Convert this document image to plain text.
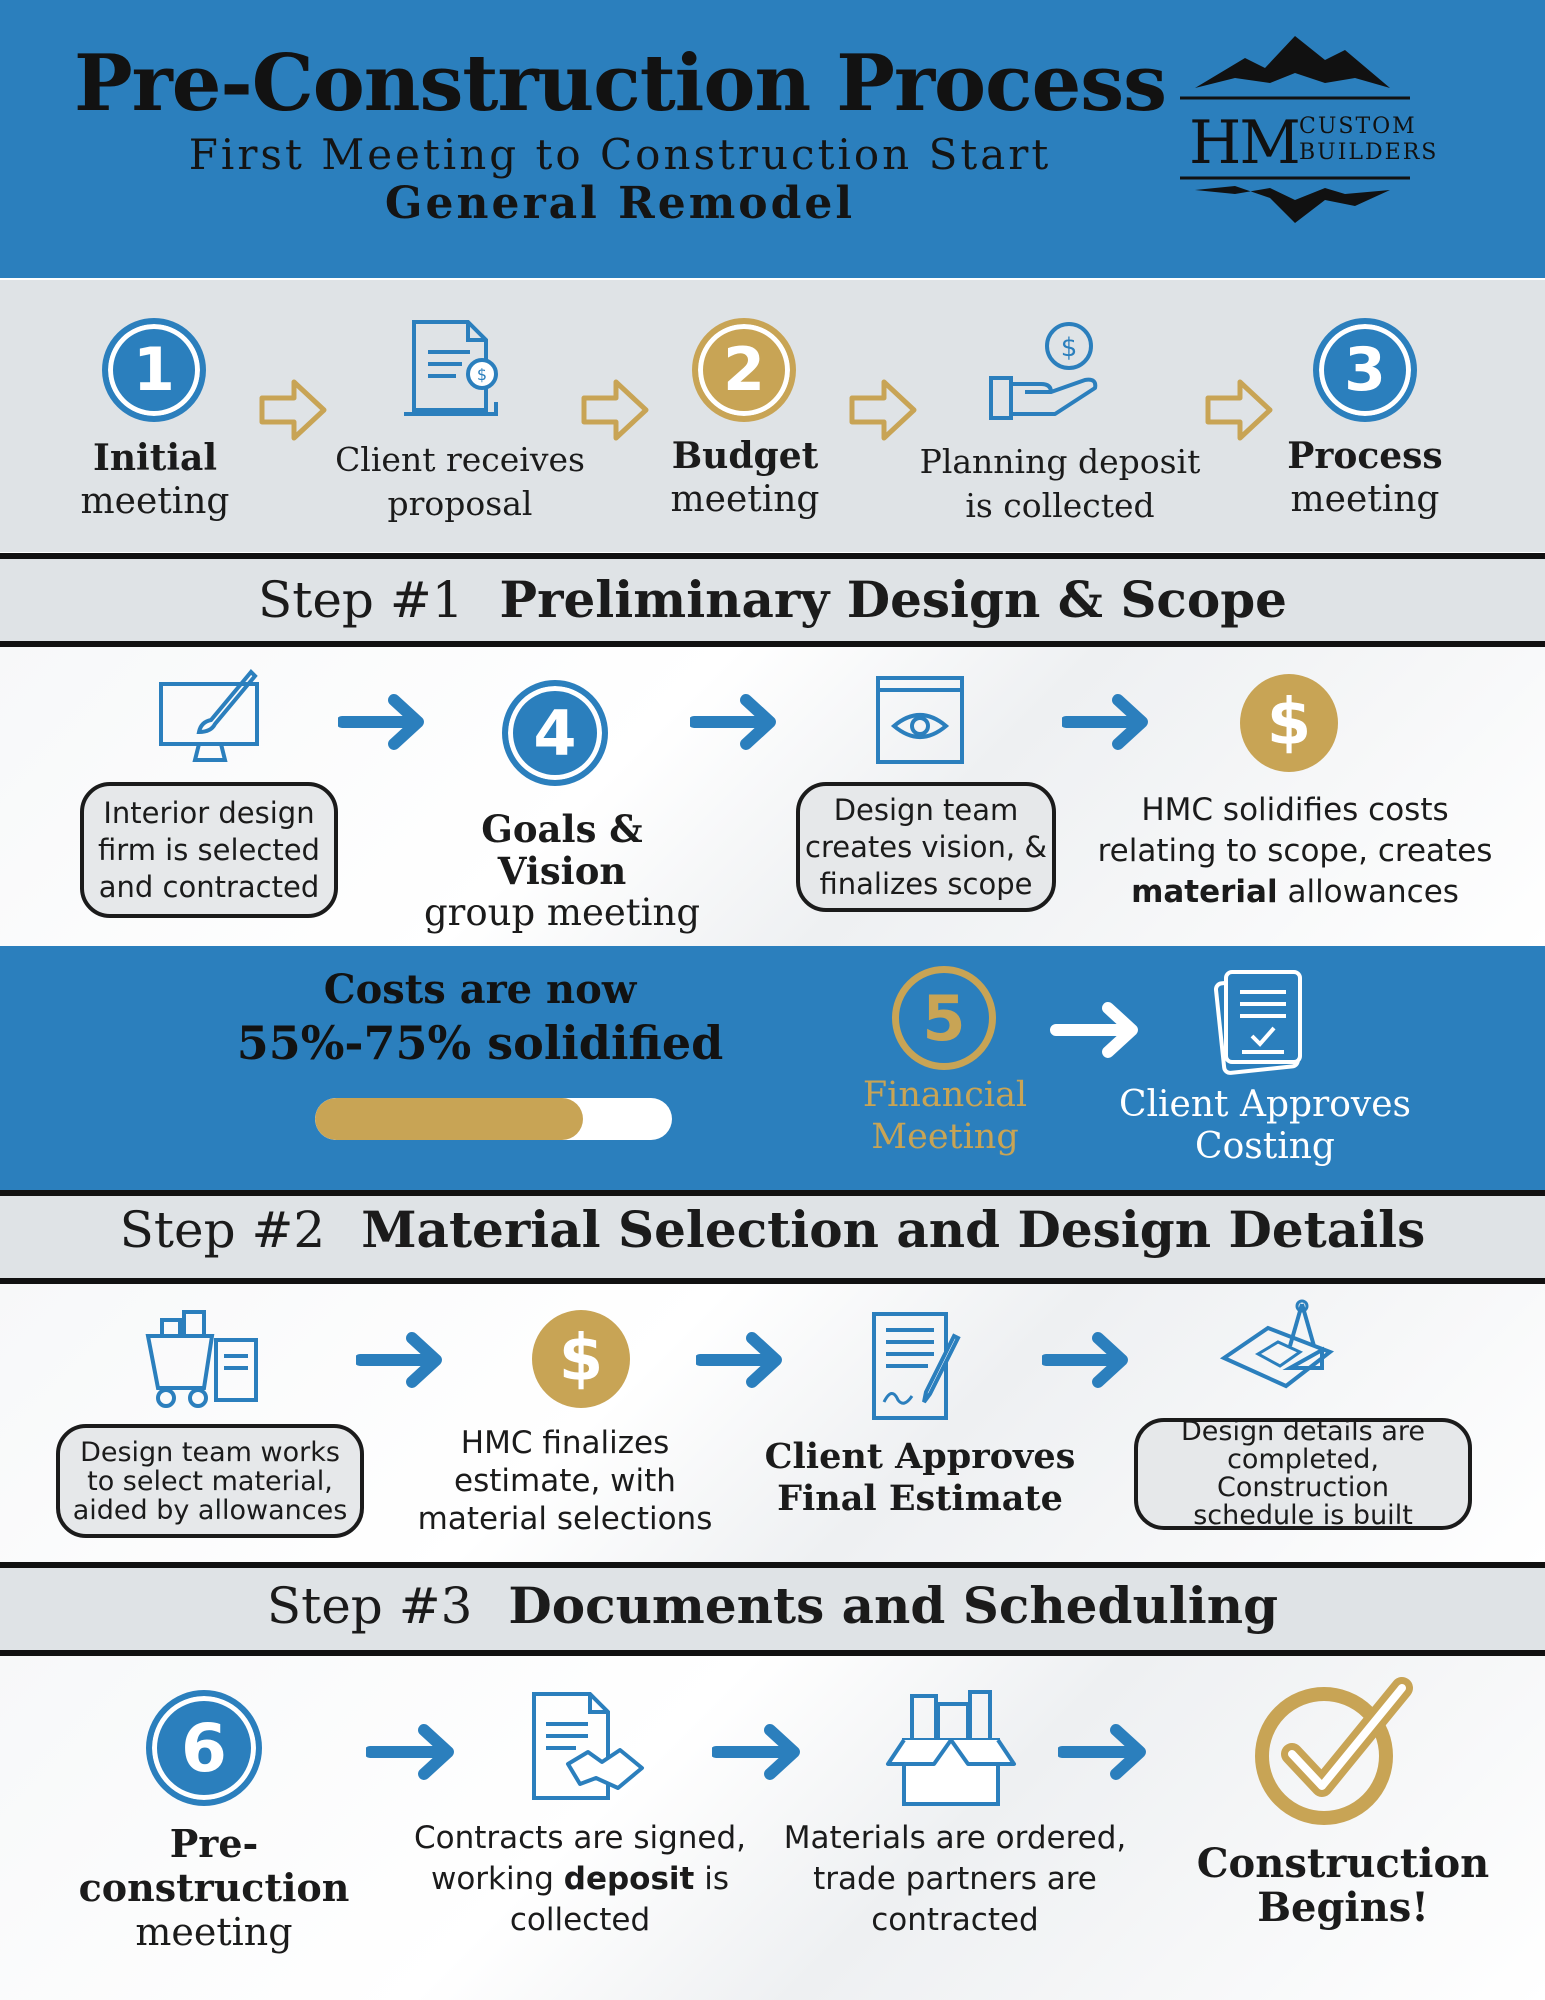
Pre-Construction Process
First Meeting to Construction Start
General Remodel
HM CUSTOM
BUILDERS
1
Initial
meeting
$
Client receives
proposal
2
Budget
meeting
$
Planning deposit
is collected
3
Process
meeting
Step #1 Preliminary Design & Scope
Interior design
firm is selected
and contracted
4
Goals & Vision
group meeting
Design team
creates vision, &
finalizes scope
$
HMC solidifies costs
relating to scope, creates
material allowances
Costs are now
55%-75% solidified	5
Financial
Meeting
Client Approves
Costing
Step #2 Material Selection and Design Details
Design team works
to select material,
aided by allowances
$
HMC finalizes
estimate, with
material selections
Client Approves
Final Estimate
Design details are
completed, Construction
schedule is built
Step #3 Documents and Scheduling
6
Pre-construction
meeting
Contracts are signed,
working deposit is
collected
Materials are ordered,
trade partners are
contracted
Construction
Begins!
